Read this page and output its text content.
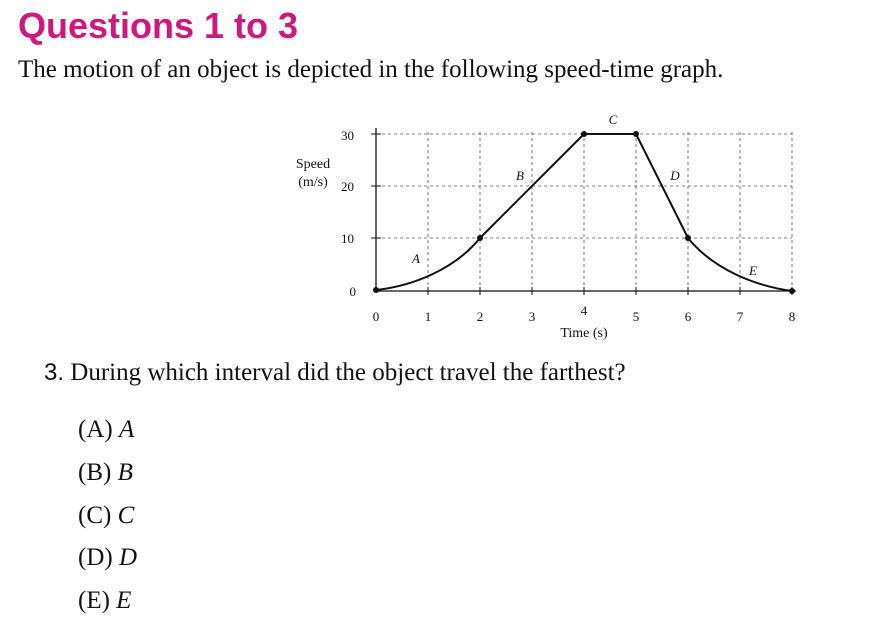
Questions 1 to 3
The motion of an object is depicted in the following speed-time graph.
30
20
10
0
Speed
(m/s)
0	1	2	3	4	5	6	7	8
Time (s)
A
B
C
D
E
3. During which interval did the object travel the farthest?
(A) A
(B) B
(C) C
(D) D
(E) E
